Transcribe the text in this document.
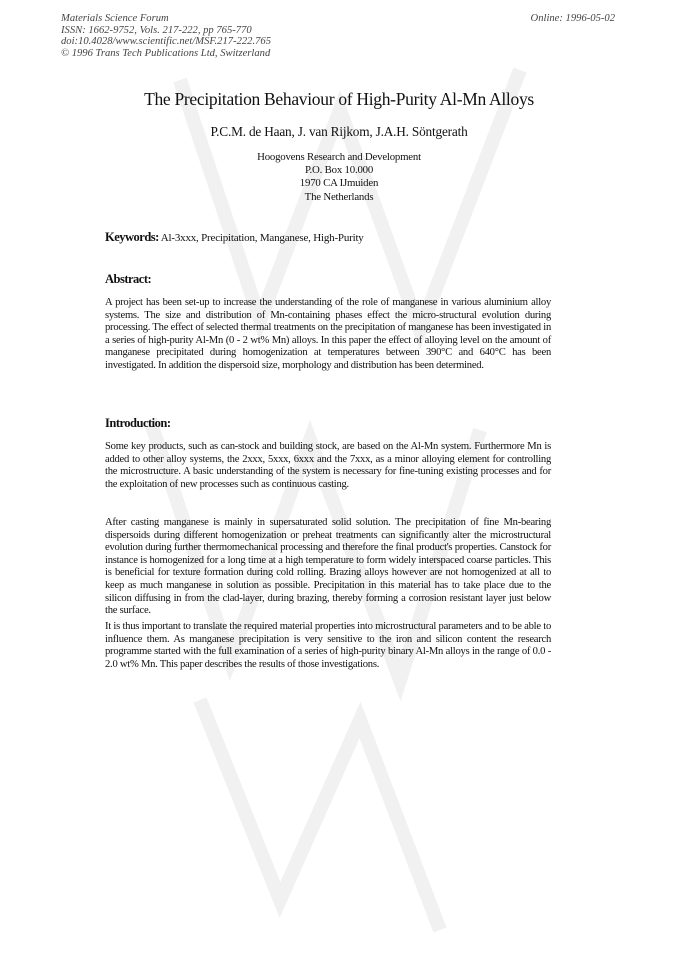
Materials Science Forum
ISSN: 1662-9752, Vols. 217-222, pp 765-770
doi:10.4028/www.scientific.net/MSF.217-222.765
© 1996 Trans Tech Publications Ltd, Switzerland
Online: 1996-05-02
The Precipitation Behaviour of High-Purity Al-Mn Alloys
P.C.M. de Haan, J. van Rijkom, J.A.H. Söntgerath
Hoogovens Research and Development
P.O. Box 10.000
1970 CA IJmuiden
The Netherlands
Keywords: Al-3xxx, Precipitation, Manganese, High-Purity
Abstract:

A project has been set-up to increase the understanding of the role of manganese in various aluminium alloy systems. The size and distribution of Mn-containing phases effect the micro-structural evolution during processing. The effect of selected thermal treatments on the precipitation of manganese has been investigated in a series of high-purity Al-Mn (0 - 2 wt% Mn) alloys. In this paper the effect of alloying level on the amount of manganese precipitated during homogenization at temperatures between 390°C and 640°C has been investigated. In addition the dispersoid size, morphology and distribution has been determined.

Introduction:

Some key products, such as can-stock and building stock, are based on the Al-Mn system. Furthermore Mn is added to other alloy systems, the 2xxx, 5xxx, 6xxx and the 7xxx, as a minor alloying element for controlling the microstructure. A basic understanding of the system is necessary for fine-tuning existing processes and for the exploitation of new processes such as continuous casting.

After casting manganese is mainly in supersaturated solid solution. The precipitation of fine Mn-bearing dispersoids during different homogenization or preheat treatments can significantly alter the microstructural evolution during further thermomechanical processing and therefore the final product's properties. Canstock for instance is homogenized for a long time at a high temperature to form widely interspaced coarse particles. This is beneficial for texture formation during cold rolling. Brazing alloys however are not homogenized at all to keep as much manganese in solution as possible. Precipitation in this material has to take place due to the silicon diffusing in from the clad-layer, during brazing, thereby forming a corrosion resistant layer just below the surface.

It is thus important to translate the required material properties into microstructural parameters and to be able to influence them. As manganese precipitation is very sensitive to the iron and silicon content the research programme started with the full examination of a series of high-purity binary Al-Mn alloys in the range of 0.0 - 2.0 wt% Mn. This paper describes the results of those investigations.
